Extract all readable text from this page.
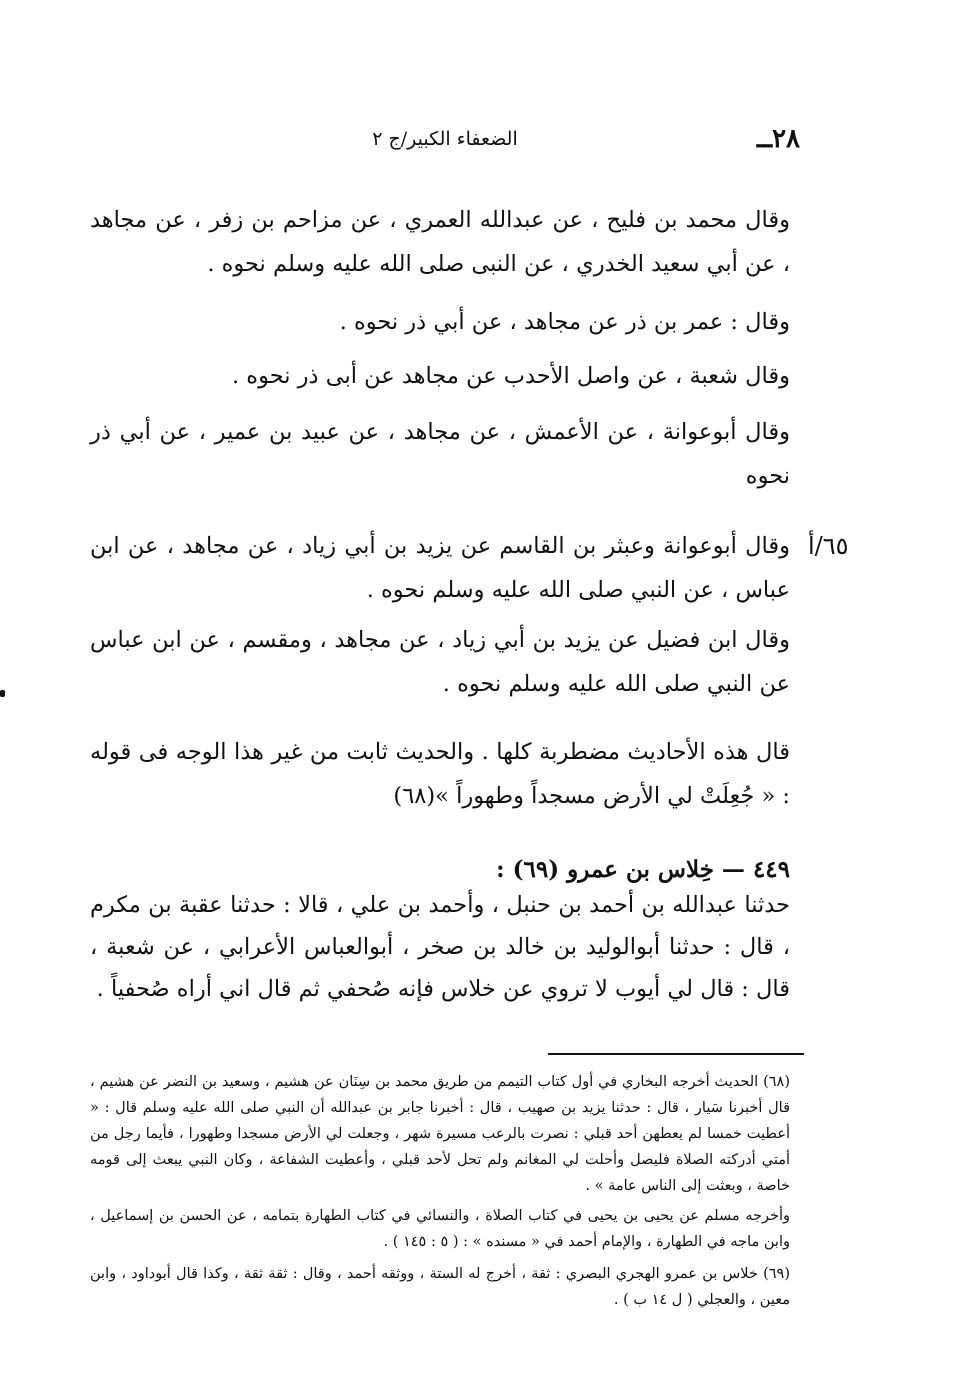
٢٨ــ
الضعفاء الكبير/ج ٢
وقال محمد بن فليح ، عن عبدالله العمري ، عن مزاحم بن زفر ، عن مجاهد ، عن أبي سعيد الخدري ، عن النبى صلى الله عليه وسلم نحوه .
وقال : عمر بن ذر عن مجاهد ، عن أبي ذر نحوه .
وقال شعبة ، عن واصل الأحدب عن مجاهد عن أبى ذر نحوه .
وقال أبوعوانة ، عن الأعمش ، عن مجاهد ، عن عبيد بن عمير ، عن أبي ذر نحوه
٦٥/أ
وقال أبوعوانة وعبثر بن القاسم عن يزيد بن أبي زياد ، عن مجاهد ، عن ابن عباس ، عن النبي صلى الله عليه وسلم نحوه .
وقال ابن فضيل عن يزيد بن أبي زياد ، عن مجاهد ، ومقسم ، عن ابن عباس عن النبي صلى الله عليه وسلم نحوه .
قال هذه الأحاديث مضطربة كلها . والحديث ثابت من غير هذا الوجه فى قوله : « جُعِلَتْ لي الأرض مسجداً وطهوراً »(٦٨)
٤٤٩ — خِلاس بن عمرو (٦٩) :
حدثنا عبدالله بن أحمد بن حنبل ، وأحمد بن علي ، قالا : حدثنا عقبة بن مكرم ، قال : حدثنا أبوالوليد بن خالد بن صخر ، أبوالعباس الأعرابي ، عن شعبة ، قال : قال لي أيوب لا تروي عن خلاس فإنه صُحفي ثم قال اني أراه صُحفياً .
(٦٨) الحديث أخرجه البخاري في أول كتاب التيمم من طريق محمد بن سِنَان عن هشيم ، وسعيد بن النضر عن هشيم ، قال أخبرنا سَيار ، قال : حدثنا يزيد بن صهيب ، قال : أخبرنا جابر بن عبدالله أن النبي صلى الله عليه وسلم قال : « أعطيت خمسا لم يعطهن أحد قبلي : نصرت بالرعب مسيرة شهر ، وجعلت لي الأرض مسجدا وطهورا ، فأيما رجل من أمتي أدركته الصلاة فليصل وأحلت لي المغانم ولم تحل لأحد قبلي ، وأعطيت الشفاعة ، وكان النبي يبعث إلى قومه خاصة ، وبعثت إلى الناس عامة » .
وأخرجه مسلم عن يحيى بن يحيى في كتاب الصلاة ، والنسائي في كتاب الطهارة بتمامه ، عن الحسن بن إسماعيل ، وابن ماجه في الطهارة ، والإمام أحمد في « مسنده » : ( ٥ : ١٤٥ ) .
(٦٩) خلاس بن عمرو الهجري البصري : ثقة ، أخرج له الستة ، ووثقه أحمد ، وقال : ثقة ثقة ، وكذا قال أبوداود ، وابن معين ، والعجلي ( ل ١٤ ب ) .
